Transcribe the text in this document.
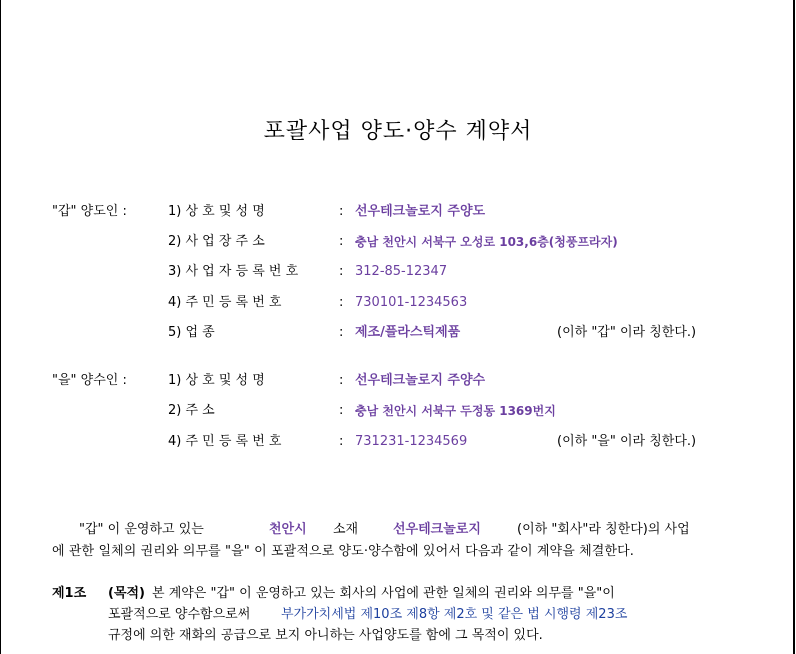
포괄사업 양도·양수 계약서
"갑" 양도인 :	1) 상 호 및 성 명	: 선우테크놀로지 주양도
2) 사 업 장 주 소	: 충남 천안시 서북구 오성로 103,6층(청풍프라자)
3) 사 업 자 등 록 번 호	: 312-85-12347
4) 주 민 등 록 번 호	: 730101-1234563
5) 업 종	: 제조/플라스틱제품	(이하 "갑" 이라 칭한다.)
"을" 양수인 :	1) 상 호 및 성 명	: 선우테크놀로지 주양수
2) 주 소	: 충남 천안시 서북구 두정동 1369번지
4) 주 민 등 록 번 호	: 731231-1234569	(이하 "을" 이라 칭한다.)
"갑" 이 운영하고 있는	천안시 소재	선우테크놀로지	(이하 "회사"라 칭한다)의 사업
에 관한 일체의 권리와 의무를 "을" 이 포괄적으로 양도·양수함에 있어서 다음과 같이 계약을 체결한다.
제1조 (목적) 본 계약은 "갑" 이 운영하고 있는 회사의 사업에 관한 일체의 권리와 의무를 "을"이
포괄적으로 양수함으로써 부가가치세법 제10조 제8항 제2호 및 같은 법 시행령 제23조
규정에 의한 재화의 공급으로 보지 아니하는 사업양도를 함에 그 목적이 있다.
